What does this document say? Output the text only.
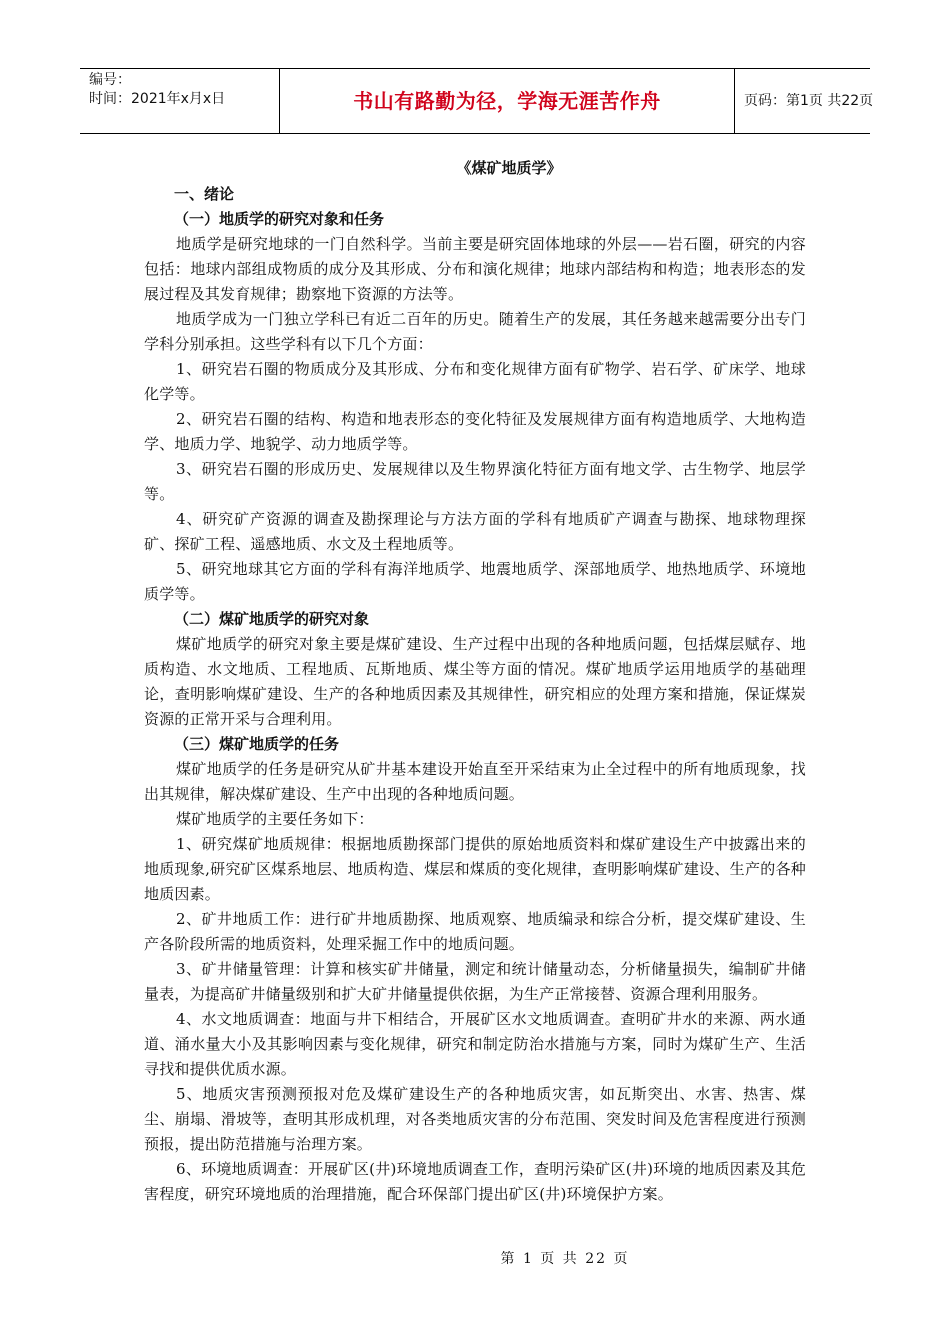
编号：
时间：2021年x月x日	书山有路勤为径，学海无涯苦作舟	页码：第1页 共22页
《煤矿地质学》
一、绪论
（一）地质学的研究对象和任务

地质学是研究地球的一门自然科学。当前主要是研究固体地球的外层——岩石圈，研究的内容包括：地球内部组成物质的成分及其形成、分布和演化规律；地球内部结构和构造；地表形态的发展过程及其发育规律；勘察地下资源的方法等。

地质学成为一门独立学科已有近二百年的历史。随着生产的发展，其任务越来越需要分出专门学科分别承担。这些学科有以下几个方面：

1、研究岩石圈的物质成分及其形成、分布和变化规律方面有矿物学、岩石学、矿床学、地球化学等。

2、研究岩石圈的结构、构造和地表形态的变化特征及发展规律方面有构造地质学、大地构造学、地质力学、地貌学、动力地质学等。

3、研究岩石圈的形成历史、发展规律以及生物界演化特征方面有地文学、古生物学、地层学等。

4、研究矿产资源的调查及勘探理论与方法方面的学科有地质矿产调查与勘探、地球物理探矿、探矿工程、遥感地质、水文及土程地质等。

5、研究地球其它方面的学科有海洋地质学、地震地质学、深部地质学、地热地质学、环境地质学等。

（二）煤矿地质学的研究对象

煤矿地质学的研究对象主要是煤矿建设、生产过程中出现的各种地质问题，包括煤层赋存、地质构造、水文地质、工程地质、瓦斯地质、煤尘等方面的情况。煤矿地质学运用地质学的基础理论，查明影响煤矿建设、生产的各种地质因素及其规律性，研究相应的处理方案和措施，保证煤炭资源的正常开采与合理利用。

（三）煤矿地质学的任务

煤矿地质学的任务是研究从矿井基本建设开始直至开采结束为止全过程中的所有地质现象，找出其规律，解决煤矿建设、生产中出现的各种地质问题。

煤矿地质学的主要任务如下：

1、研究煤矿地质规律：根据地质勘探部门提供的原始地质资料和煤矿建设生产中披露出来的地质现象,研究矿区煤系地层、地质构造、煤层和煤质的变化规律，查明影响煤矿建设、生产的各种地质因素。

2、矿井地质工作：进行矿井地质勘探、地质观察、地质编录和综合分析，提交煤矿建设、生产各阶段所需的地质资料，处理采掘工作中的地质问题。

3、矿井储量管理：计算和核实矿井储量，测定和统计储量动态，分析储量损失，编制矿井储量表，为提高矿井储量级别和扩大矿井储量提供依据，为生产正常接替、资源合理利用服务。

4、水文地质调查：地面与井下相结合，开展矿区水文地质调查。查明矿井水的来源、两水通道、涌水量大小及其影响因素与变化规律，研究和制定防治水措施与方案，同时为煤矿生产、生活寻找和提供优质水源。

5、地质灾害预测预报对危及煤矿建设生产的各种地质灾害，如瓦斯突出、水害、热害、煤尘、崩塌、滑坡等，查明其形成机理，对各类地质灾害的分布范围、突发时间及危害程度进行预测预报，提出防范措施与治理方案。

6、环境地质调查：开展矿区(井)环境地质调查工作，查明污染矿区(井)环境的地质因素及其危害程度，研究环境地质的治理措施，配合环保部门提出矿区(井)环境保护方案。

第 1 页 共 22 页
